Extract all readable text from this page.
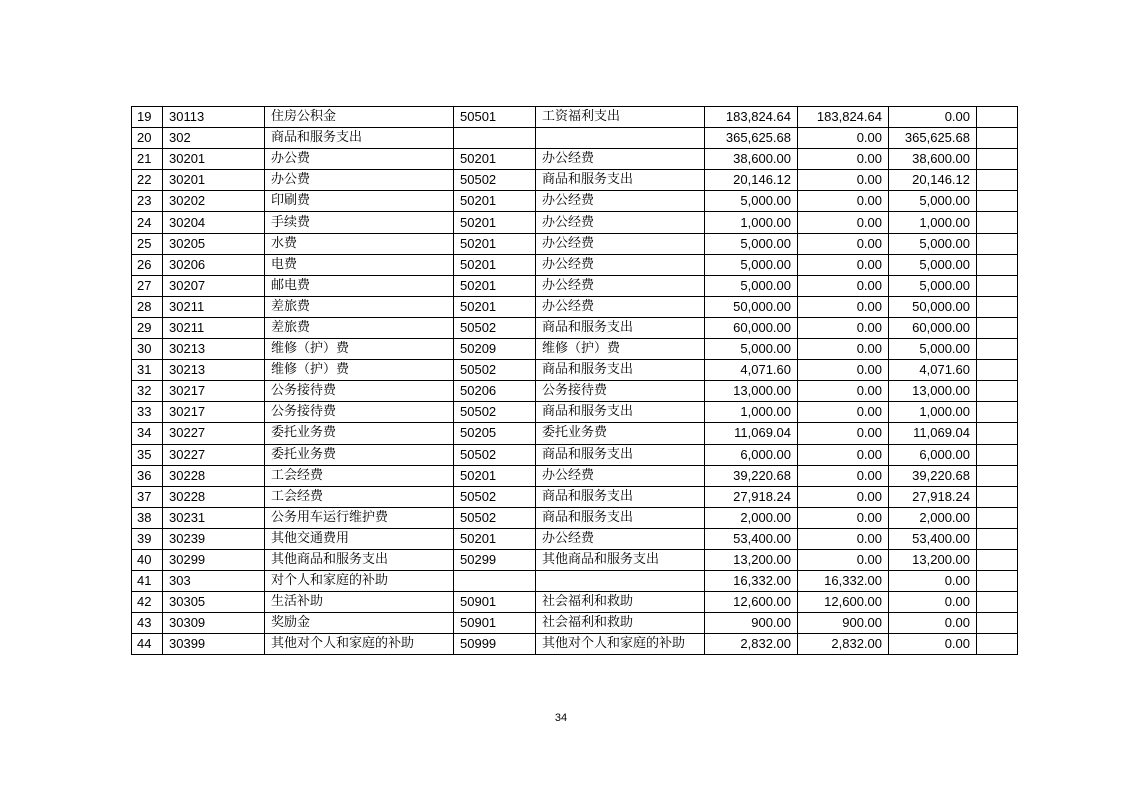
19	30113	住房公积金	50501	工资福利支出	183,824.64	183,824.64	0.00	
20	302	商品和服务支出			365,625.68	0.00	365,625.68	
21	30201	办公费	50201	办公经费	38,600.00	0.00	38,600.00	
22	30201	办公费	50502	商品和服务支出	20,146.12	0.00	20,146.12	
23	30202	印刷费	50201	办公经费	5,000.00	0.00	5,000.00	
24	30204	手续费	50201	办公经费	1,000.00	0.00	1,000.00	
25	30205	水费	50201	办公经费	5,000.00	0.00	5,000.00	
26	30206	电费	50201	办公经费	5,000.00	0.00	5,000.00	
27	30207	邮电费	50201	办公经费	5,000.00	0.00	5,000.00	
28	30211	差旅费	50201	办公经费	50,000.00	0.00	50,000.00	
29	30211	差旅费	50502	商品和服务支出	60,000.00	0.00	60,000.00	
30	30213	维修（护）费	50209	维修（护）费	5,000.00	0.00	5,000.00	
31	30213	维修（护）费	50502	商品和服务支出	4,071.60	0.00	4,071.60	
32	30217	公务接待费	50206	公务接待费	13,000.00	0.00	13,000.00	
33	30217	公务接待费	50502	商品和服务支出	1,000.00	0.00	1,000.00	
34	30227	委托业务费	50205	委托业务费	11,069.04	0.00	11,069.04	
35	30227	委托业务费	50502	商品和服务支出	6,000.00	0.00	6,000.00	
36	30228	工会经费	50201	办公经费	39,220.68	0.00	39,220.68	
37	30228	工会经费	50502	商品和服务支出	27,918.24	0.00	27,918.24	
38	30231	公务用车运行维护费	50502	商品和服务支出	2,000.00	0.00	2,000.00	
39	30239	其他交通费用	50201	办公经费	53,400.00	0.00	53,400.00	
40	30299	其他商品和服务支出	50299	其他商品和服务支出	13,200.00	0.00	13,200.00	
41	303	对个人和家庭的补助			16,332.00	16,332.00	0.00	
42	30305	生活补助	50901	社会福利和救助	12,600.00	12,600.00	0.00	
43	30309	奖励金	50901	社会福利和救助	900.00	900.00	0.00	
44	30399	其他对个人和家庭的补助	50999	其他对个人和家庭的补助	2,832.00	2,832.00	0.00	
34
